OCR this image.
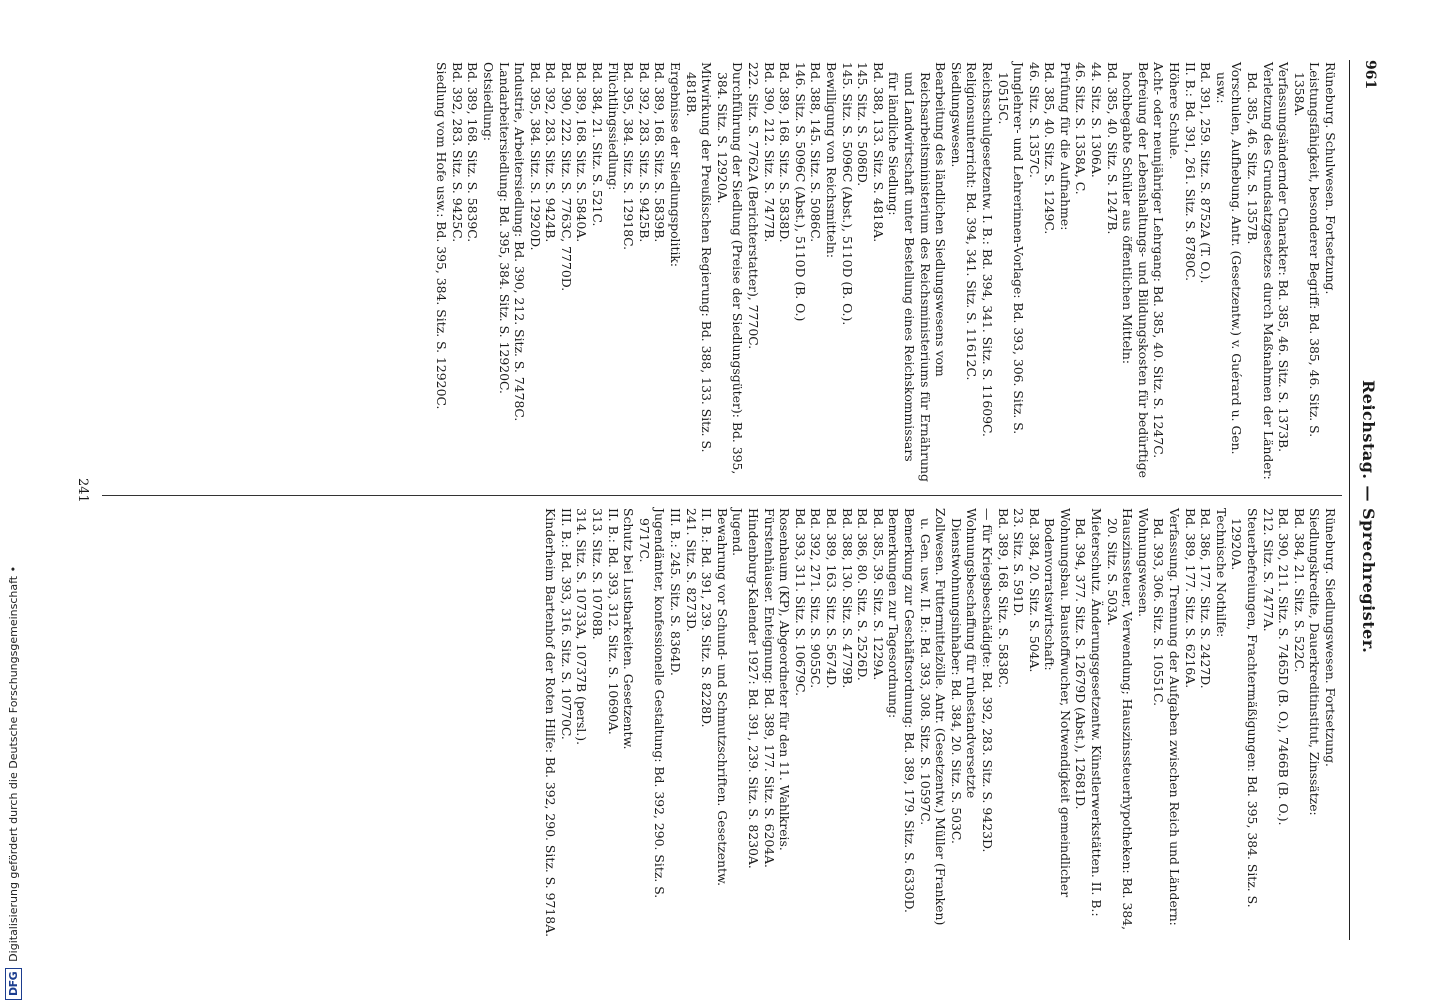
961
Reichstag. — Sprechregister.

Rüneburg. Schulwesen. Fortsetzung.

Leistungsfähigkeit, besonderer Begriff: Bd. 385, 46. Sitz. S. 1358A.

Verfassungsändernder Charakter: Bd. 385, 46. Sitz. S. 1373B.

Verletzung des Grundsatzgesetzes durch Maßnahmen der Länder: Bd. 385, 46. Sitz. S. 1357B.

Vorschulen, Aufhebung. Antr. (Gesetzentw.) v. Guérard u. Gen. usw.:

Bd. 391, 259. Sitz. S. 8752A (T. O.).

II. B.: Bd. 391, 261. Sitz. S. 8780C.

Höhere Schule.

Acht- oder neunjähriger Lehrgang: Bd. 385, 40. Sitz. S. 1247C.

Befreiung der Lebenshaltungs- und Bildungskosten für bedürftige hochbegabte Schüler aus öffentlichen Mitteln:

Bd. 385, 40. Sitz. S. 1247B.

44. Sitz. S. 1306A.

46. Sitz. S. 1358A, C.

Prüfung für die Aufnahme:

Bd. 385, 40. Sitz. S. 1249C.

46. Sitz. S. 1357C.

Junglehrer- und Lehrerinnen-Vorlage: Bd. 393, 306. Sitz. S. 10515C.

Reichsschulgesetzentw. I. B.: Bd. 394, 341. Sitz. S. 11609C.

Religionsunterricht: Bd. 394, 341. Sitz. S. 11612C.

Siedlungswesen.

Bearbeitung des ländlichen Siedlungswesens vom Reichsarbeitsministerium des Reichsministeriums für Ernährung und Landwirtschaft unter Bestellung eines Reichskommissars für ländliche Siedlung:

Bd. 388, 133. Sitz. S. 4818A.

145. Sitz. S. 5086D.

145. Sitz. S. 5096C (Abst.), 5110D (B. O.).

Bewilligung von Reichsmitteln:

Bd. 388, 145. Sitz. S. 5086C.

146. Sitz. S. 5096C (Abst.), 5110D (B. O.)

Bd. 389, 168. Sitz. S. 5838D.

Bd. 390, 212. Sitz. S. 7477B.

222. Sitz. S. 7762A (Berichterstatter), 7770C.

Durchführung der Siedlung (Preise der Siedlungsgüter): Bd. 395, 384. Sitz. S. 12920A.

Mitwirkung der Preußischen Regierung: Bd. 388, 133. Sitz. S. 4818B.

Ergebnisse der Siedlungspolitik:

Bd. 389, 168. Sitz. S. 5839B.

Bd. 392, 283. Sitz. S. 9425B.

Bd. 395, 384. Sitz. S. 12918C.

Flüchtlingssiedlung:

Bd. 384, 21. Sitz. S. 521C.

Bd. 389, 168. Sitz. S. 5840A.

Bd. 390, 222. Sitz. S. 7763C, 7770D.

Bd. 392, 283. Sitz. S. 9424B.

Bd. 395, 384. Sitz. S. 12920D.

Industrie, Arbeitersiedlung: Bd. 390, 212. Sitz. S. 7478C.

Landarbeitersiedlung: Bd. 395, 384. Sitz. S. 12920C.

Ostsiedlung:

Bd. 389, 168. Sitz. S. 5839C.

Bd. 392, 283. Sitz. S. 9425C.

Siedlung vom Hofe usw.: Bd. 395, 384. Sitz. S. 12920C.

Rüneburg. Siedlungswesen. Fortsetzung.

Siedlungskredite, Dauerkreditinstitut, Zinssätze:

Bd. 384, 21. Sitz. S. 522C.

Bd. 390, 211. Sitz. S. 7465D (B. O.), 7466B (B. O.).

212. Sitz. S. 7477A.

Steuerbefreiungen, Frachtermäßigungen: Bd. 395, 384. Sitz. S. 12920A.

Technische Nothilfe:

Bd. 386, 177. Sitz. S. 2427D.

Bd. 389, 177. Sitz. S. 6216A.

Verfassung. Trennung der Aufgaben zwischen Reich und Ländern: Bd. 393, 306. Sitz. S. 10551C.

Wohnungswesen.

Hauszinssteuer, Verwendung; Hauszinssteuerhypotheken: Bd. 384, 20. Sitz. S. 503A.

Mieterschutz. Änderungsgesetzentw. Künstlerwerkstätten. II. B.: Bd. 394, 377. Sitz. S. 12679D (Abst.), 12681D.

Wohnungsbau. Baustoffwucher, Notwendigkeit gemeindlicher Bodenvorratswirtschaft:

Bd. 384, 20. Sitz. S. 504A.

23. Sitz. S. 591D.

Bd. 389, 168. Sitz. S. 5838C.

— für Kriegsbeschädigte: Bd. 392, 283. Sitz. S. 9423D.

Wohnungsbeschaffung für ruhestandversetzte Dienstwohnungsinhaber: Bd. 384, 20. Sitz. S. 503C.

Zollwesen. Futtermittelzölle. Antr. (Gesetzentw.) Müller (Franken) u. Gen. usw. II. B.: Bd. 393, 308. Sitz. S. 10597C.

Bemerkung zur Geschäftsordnung: Bd. 389, 179. Sitz. S. 6330D.

Bemerkungen zur Tagesordnung:

Bd. 385, 39. Sitz. S. 1229A.

Bd. 386, 80. Sitz. S. 2526D.

Bd. 388, 130. Sitz. S. 4779B.

Bd. 389, 163. Sitz. S. 5674D.

Bd. 392, 271. Sitz. S. 9055C.

Bd. 393, 311. Sitz. S. 10679C.

Rosenbaum (KP), Abgeordneter für den 11. Wahlkreis.

Fürstenhäuser. Enteignung: Bd. 389, 177. Sitz. S. 6204A.

Hindenburg-Kalender 1927: Bd. 391, 239. Sitz. S. 8230A.

Jugend.

Bewahrung vor Schund- und Schmutzschriften. Gesetzentw.

II. B.: Bd. 391, 239. Sitz. S. 8228D.

241. Sitz. S. 8273D.

III. B.: 245. Sitz. S. 8364D.

Jugendämter, konfessionelle Gestaltung: Bd. 392, 290. Sitz. S. 9717C.

Schutz bei Lustbarkeiten. Gesetzentw.

II. B.: Bd. 393, 312. Sitz. S. 10690A.

313. Sitz. S. 10708B.

314. Sitz. S. 10733A, 10737B (persl.).

III. B.: Bd. 393, 316. Sitz. S. 10770C.

Kinderheim Bartenhof der Roten Hilfe: Bd. 392, 290. Sitz. S. 9718A.

241
DFG
Digitalisierung gefördert durch die Deutsche Forschungsgemeinschaft •
